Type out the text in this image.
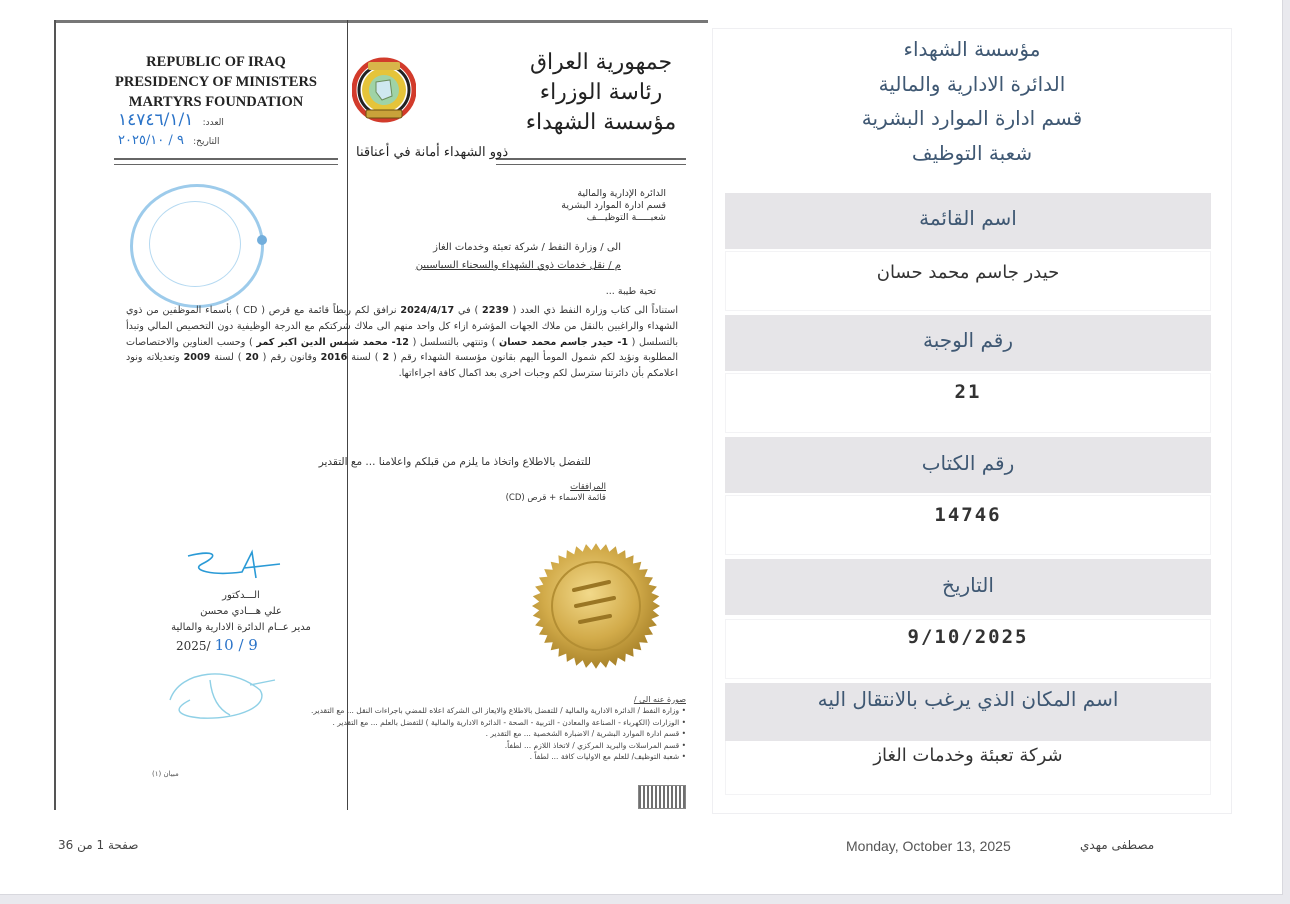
REPUBLIC OF IRAQ
PRESIDENCY OF MINISTERS
MARTYRS FOUNDATION
العدد: ١٤٧٤٦/١/١
التاريخ: ٩ / ٢٠٢٥/١٠
جمهورية العراق
رئاسة الوزراء
مؤسسة الشهداء
ذوو الشهداء أمانة في أعناقنا
الدائرة الإدارية والمالية
قسم ادارة الموارد البشرية
شعبـــــة التوظيـــف
الى / وزارة النفط / شركة تعبئة وخدمات الغاز
م / نقل خدمات ذوي الشهداء والسجناء السياسيين
تحية طيبة ...
استناداً الى كتاب وزارة النفط ذي العدد ( 2239 ) في 2024/4/17 نرافق لكم ربطاً قائمة مع قرص ( CD ) بأسماء الموظفين من ذوي الشهداء والراغبين بالنقل من ملاك الجهات المؤشرة ازاء كل واحد منهم الى ملاك شركتكم مع الدرجة الوظيفية دون التخصيص المالي وتبدأ بالتسلسل ( 1- حيدر جاسم محمد حسان ) وتنتهي بالتسلسل ( 12- محمد شمس الدين اكبر كمر ) وحسب العناوين والاختصاصات المطلوبة ونؤيد لكم شمول المومأ اليهم بقانون مؤسسة الشهداء رقم ( 2 ) لسنة 2016 وقانون رقم ( 20 ) لسنة 2009 وتعديلاته ونود اعلامكم بأن دائرتنا سترسل لكم وجبات اخرى بعد اكمال كافة اجراءاتها.
للتفضل بالاطلاع واتخاذ ما يلزم من قبلكم واعلامنا ... مع التقدير
المرافقات
قائمة الاسماء + قرص (CD)
الـــدكتور
علي هـــادي محسن
مدير عــام الدائرة الادارية والمالية
2025/ 10 / 9
صورة عنه الى /
• وزارة النفط / الدائرة الادارية والمالية / للتفضل بالاطلاع والايعاز الى الشركة اعلاه للمضي باجراءات النقل ... مع التقدير.
• الوزارات (الكهرباء - الصناعة والمعادن - التربية - الصحة - الدائرة الادارية والمالية ) للتفضل بالعلم ... مع التقدير .
• قسم ادارة الموارد البشرية / الاضبارة الشخصية ... مع التقدير .
• قسم المراسلات والبريد المركزي / لاتخاذ اللازم ... لطفاً.
• شعبة التوظيف/ للعلم مع الاوليات كافة ... لطفاً .
مبيان (١)
مؤسسة الشهداء
الدائرة الادارية والمالية
قسم ادارة الموارد البشرية
شعبة التوظيف
اسم القائمة
حيدر جاسم محمد حسان
رقم الوجبة
21
رقم الكتاب
14746
التاريخ
9/10/2025
اسم المكان الذي يرغب بالانتقال اليه
شركة تعبئة وخدمات الغاز
صفحة 1 من 36	Monday, October 13, 2025	مصطفى مهدي
